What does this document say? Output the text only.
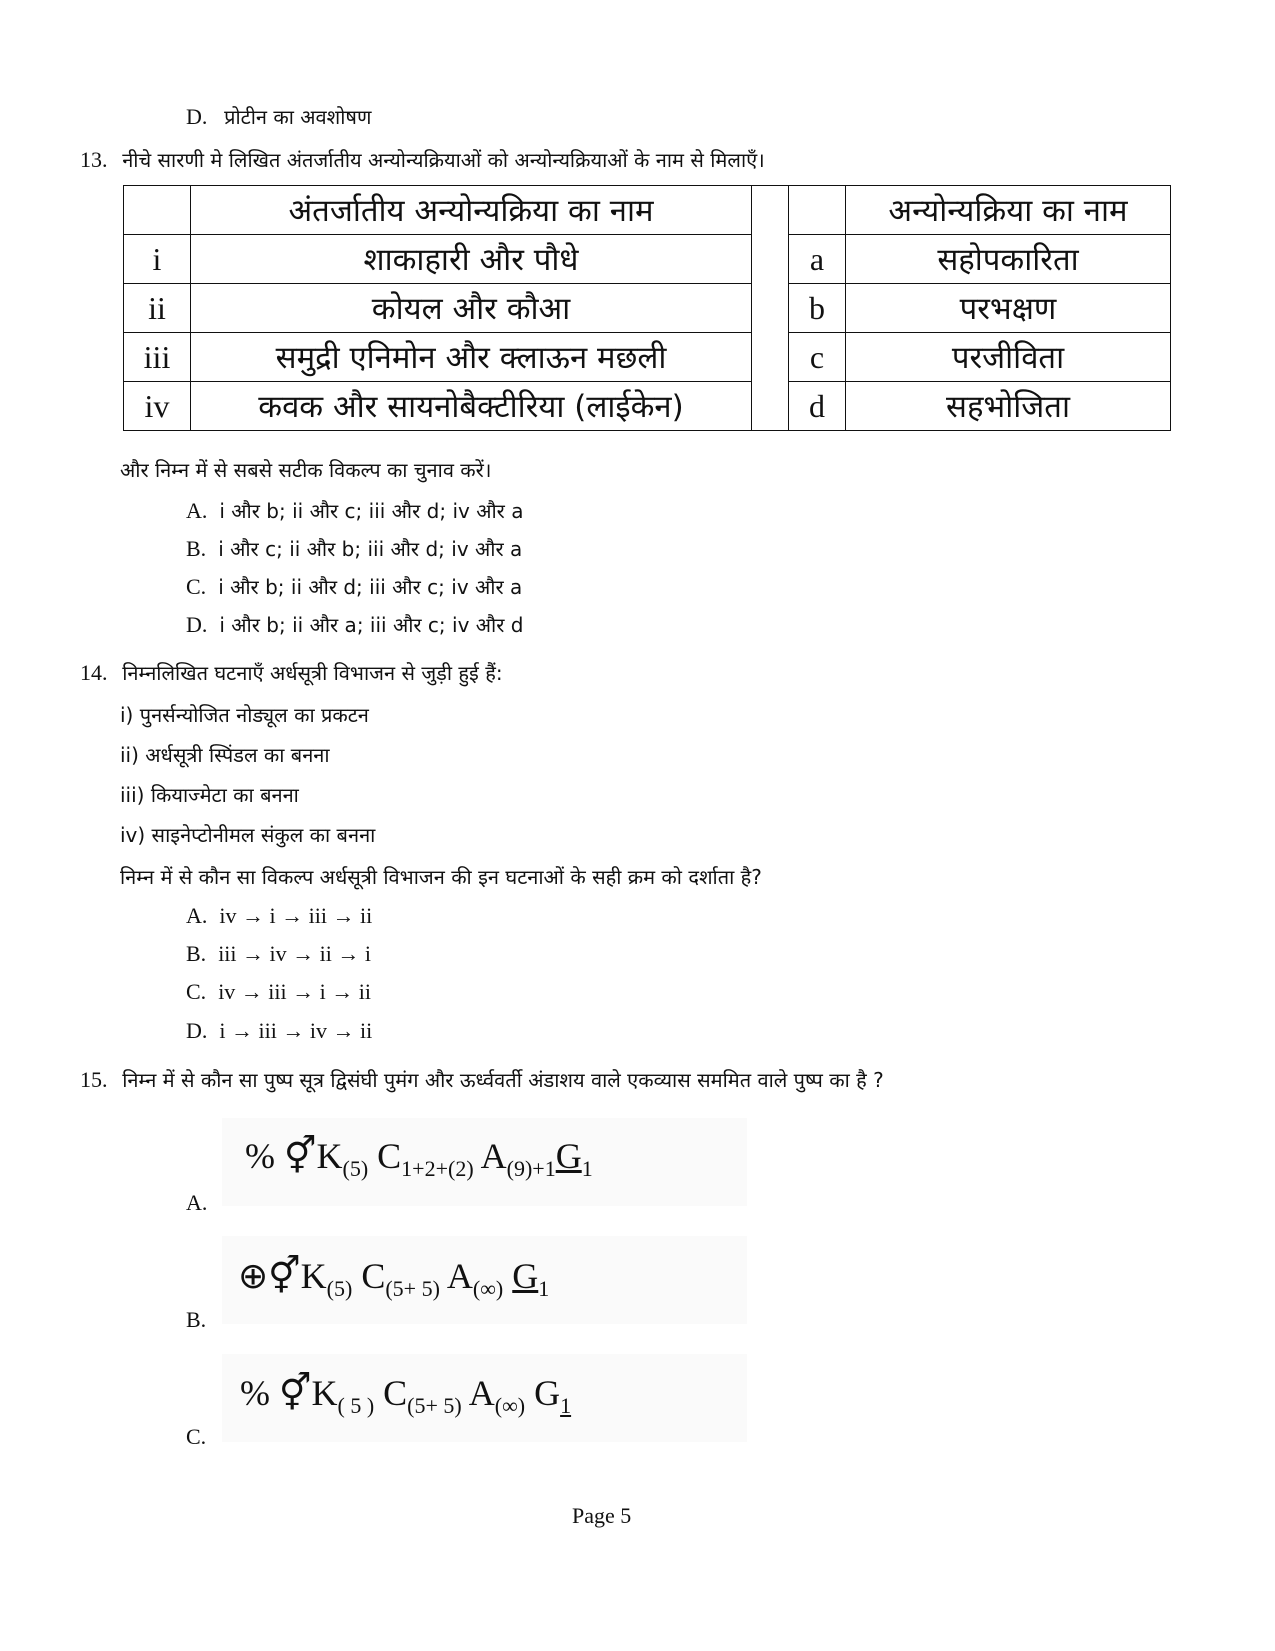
D. प्रोटीन का अवशोषण
13. नीचे सारणी मे लिखित अंतर्जातीय अन्योन्यक्रियाओं को अन्योन्यक्रियाओं के नाम से मिलाएँ।
	अंतर्जातीय अन्योन्यक्रिया का नाम			अन्योन्यक्रिया का नाम
i	शाकाहारी और पौधे		a	सहोपकारिता
ii	कोयल और कौआ		b	परभक्षण
iii	समुद्री एनिमोन और क्लाऊन मछली		c	परजीविता
iv	कवक और सायनोबैक्टीरिया (लाईकेन)		d	सहभोजिता
और निम्न में से सबसे सटीक विकल्प का चुनाव करें।
A. i और b; ii और c; iii और d; iv और a
B. i और c; ii और b; iii और d; iv और a
C. i और b; ii और d; iii और c; iv और a
D. i और b; ii और a; iii और c; iv और d
14. निम्नलिखित घटनाएँ अर्धसूत्री विभाजन से जुड़ी हुई हैं:
i) पुनर्सन्योजित नोड्यूल का प्रकटन
ii) अर्धसूत्री स्पिंडल का बनना
iii) कियाज्मेटा का बनना
iv) साइनेप्टोनीमल संकुल का बनना
निम्न में से कौन सा विकल्प अर्धसूत्री विभाजन की इन घटनाओं के सही क्रम को दर्शाता है?
A. iv → i → iii → ii
B. iii → iv → ii → i
C. iv → iii → i → ii
D. i → iii → iv → ii
15. निम्न में से कौन सा पुष्प सूत्र द्विसंघी पुमंग और ऊर्ध्ववर्ती अंडाशय वाले एकव्यास सममित वाले पुष्प का है ?
% $⚥K_{(5)}$ $C_{1+2+(2)}$ $A_{(9)+1}G_1$
A.
$\oplus⚥K_{(5)}$ $C_{(5+ 5)}$ $A_{(\infty)}$ $G_1$
B.
% $⚥K_{( 5 )}$ $C_{(5+ 5)}$ $A_{(\infty)}$ $G_1$
C.
Page 5
